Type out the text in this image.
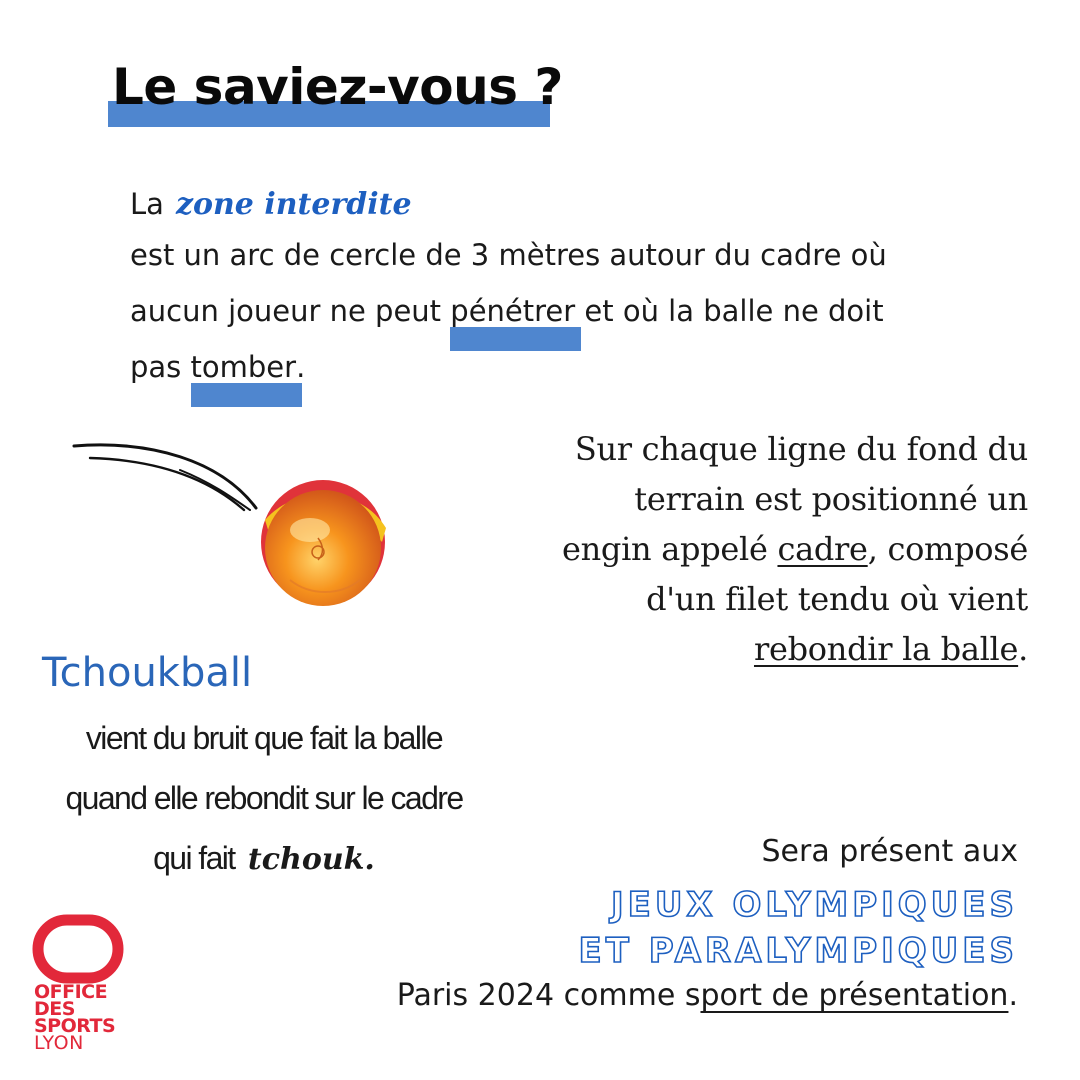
Le saviez-vous ?
La zone interdite
est un arc de cercle de 3 mètres autour du cadre où
aucun joueur ne peut pénétrer et où la balle ne doit
pas tomber.
Sur chaque ligne du fond du
terrain est positionné un
engin appelé cadre, composé
d'un filet tendu où vient
rebondir la balle.
Tchoukball
vient du bruit que fait la balle
quand elle rebondit sur le cadre
qui fait tchouk.	Sera présent aux
JEUX OLYMPIQUES
ET PARALYMPIQUES
Paris 2024 comme sport de présentation.
OFFICE
DES
SPORTS
LYON
